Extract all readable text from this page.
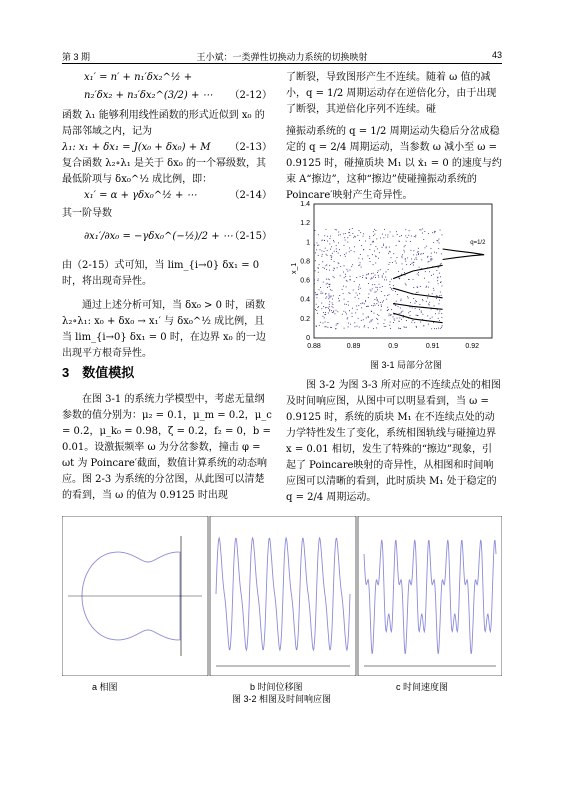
第 3 期	王小斌：一类弹性切换动力系统的切换映射	43
x₁′ = n′ + n₁′δx₂^½ +
n₂′δx₂ + n₃′δx₂^(3/2) + ⋯ （2-12）

函数 λ₁ 能够利用线性函数的形式近似到 x₀ 的局部邻域之内，记为

λ₁: x₁ + δx₁ = J(x₀ + δx₀) + M （2-13）

复合函数 λ₂∘λ₁ 是关于 δx₀ 的一个幂级数，其最低阶项与 δx₀^½ 成比例，即：

x₁′ = α + γδx₀^½ + ⋯	（2-14）

其一阶导数

∂x₁′/∂x₀ = −γδx₀^(−½)/2 + ⋯
（2-15）

由（2-15）式可知，当 lim_{i→0} δx₁ = 0 时，将出现奇异性。

通过上述分析可知，当 δx₀ > 0 时，函数 λ₂∘λ₁: x₀ + δx₀ → x₁′ 与 δx₀^½ 成比例，且当 lim_{i→0} δx₁ = 0 时，在边界 x₀ 的一边出现平方根奇异性。

3　数值模拟
在图 3-1 的系统力学模型中，考虑无量纲参数的值分别为：μ₂ = 0.1，μ_m = 0.2，μ_c = 0.2，μ_k₀ = 0.98，ζ = 0.2，f₂ = 0，b = 0.01。设激振频率 ω 为分岔参数，撞击 φ = ωt 为 Poincare′截面，数值计算系统的动态响应。图 2-3 为系统的分岔图，从此图可以清楚的看到，当 ω 的值为 0.9125 时出现

了断裂，导致图形产生不连续。随着 ω 值的减小，q = 1/2 周期运动存在逆倍化分，由于出现了断裂，其逆倍化序列不连续。碰

撞振动系统的 q = 1/2 周期运动失稳后分岔成稳定的 q = 2/4 周期运动，当参数 ω 减小至 ω = 0.9125 时，碰撞质块 M₁ 以 ẋ₁ = 0 的速度与约束 A“擦边”，这种“擦边”使碰撞振动系统的 Poincare′映射产生奇异性。

0.88	0.89	0.9	0.91	0.92
0
0.2
0.4
0.6
0.8
1
1.2
1.4
q=1/2
x_1
图 3-1 局部分岔图
图 3-2 为图 3-3 所对应的不连续点处的相图及时间响应图，从图中可以明显看到，当 ω = 0.9125 时，系统的质块 M₁ 在不连续点处的动力学特性发生了变化，系统相图轨线与碰撞边界 x = 0.01 相切，发生了特殊的“擦边”现象，引起了 Poincare映射的奇异性，从相图和时间响应图可以清晰的看到，此时质块 M₁ 处于稳定的 q = 2/4 周期运动。
a 相图	b 时间位移图	c 时间速度图
图 3-2 相图及时间响应图
